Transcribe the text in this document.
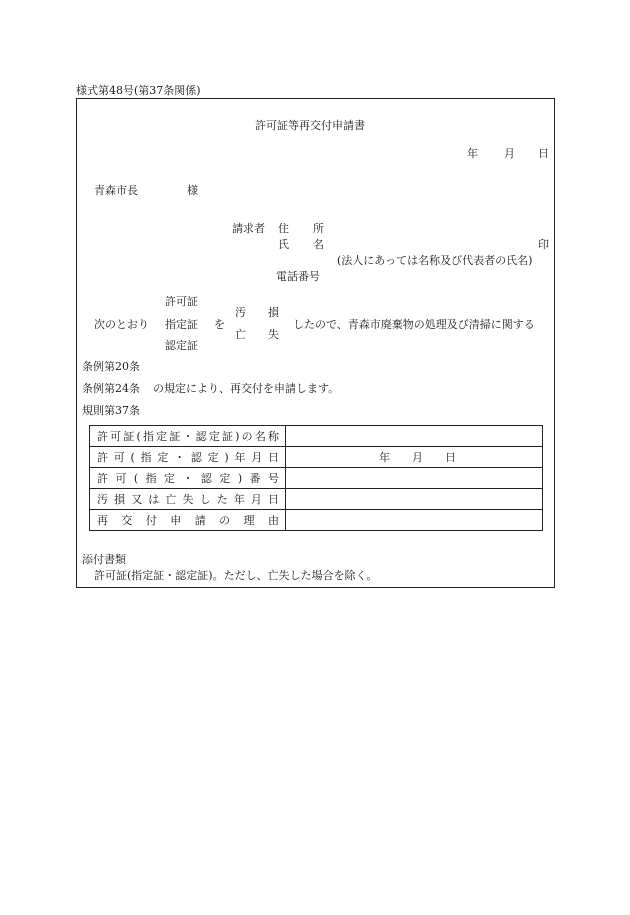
様式第48号(第37条関係)
許可証等再交付申請書
年 月 日
青森市長	様
請求者 住 所
氏 名	印
(法人にあっては名称及び代表者の氏名)
電話番号
次のとおり
許可証
指定証
認定証
を
汚 損
亡 失
したので、青森市廃棄物の処理及び清掃に関する
条例第20条
条例第24条 の規定により、再交付を申請します。
規則第37条
許可証(指定証・認定証)の名称	
許可(指定・認定)年月日	年　　月　　日
許可(指定・認定)番号	
汚損又は亡失した年月日	
再交付申請の理由	
添付書類
許可証(指定証・認定証)。ただし、亡失した場合を除く。
